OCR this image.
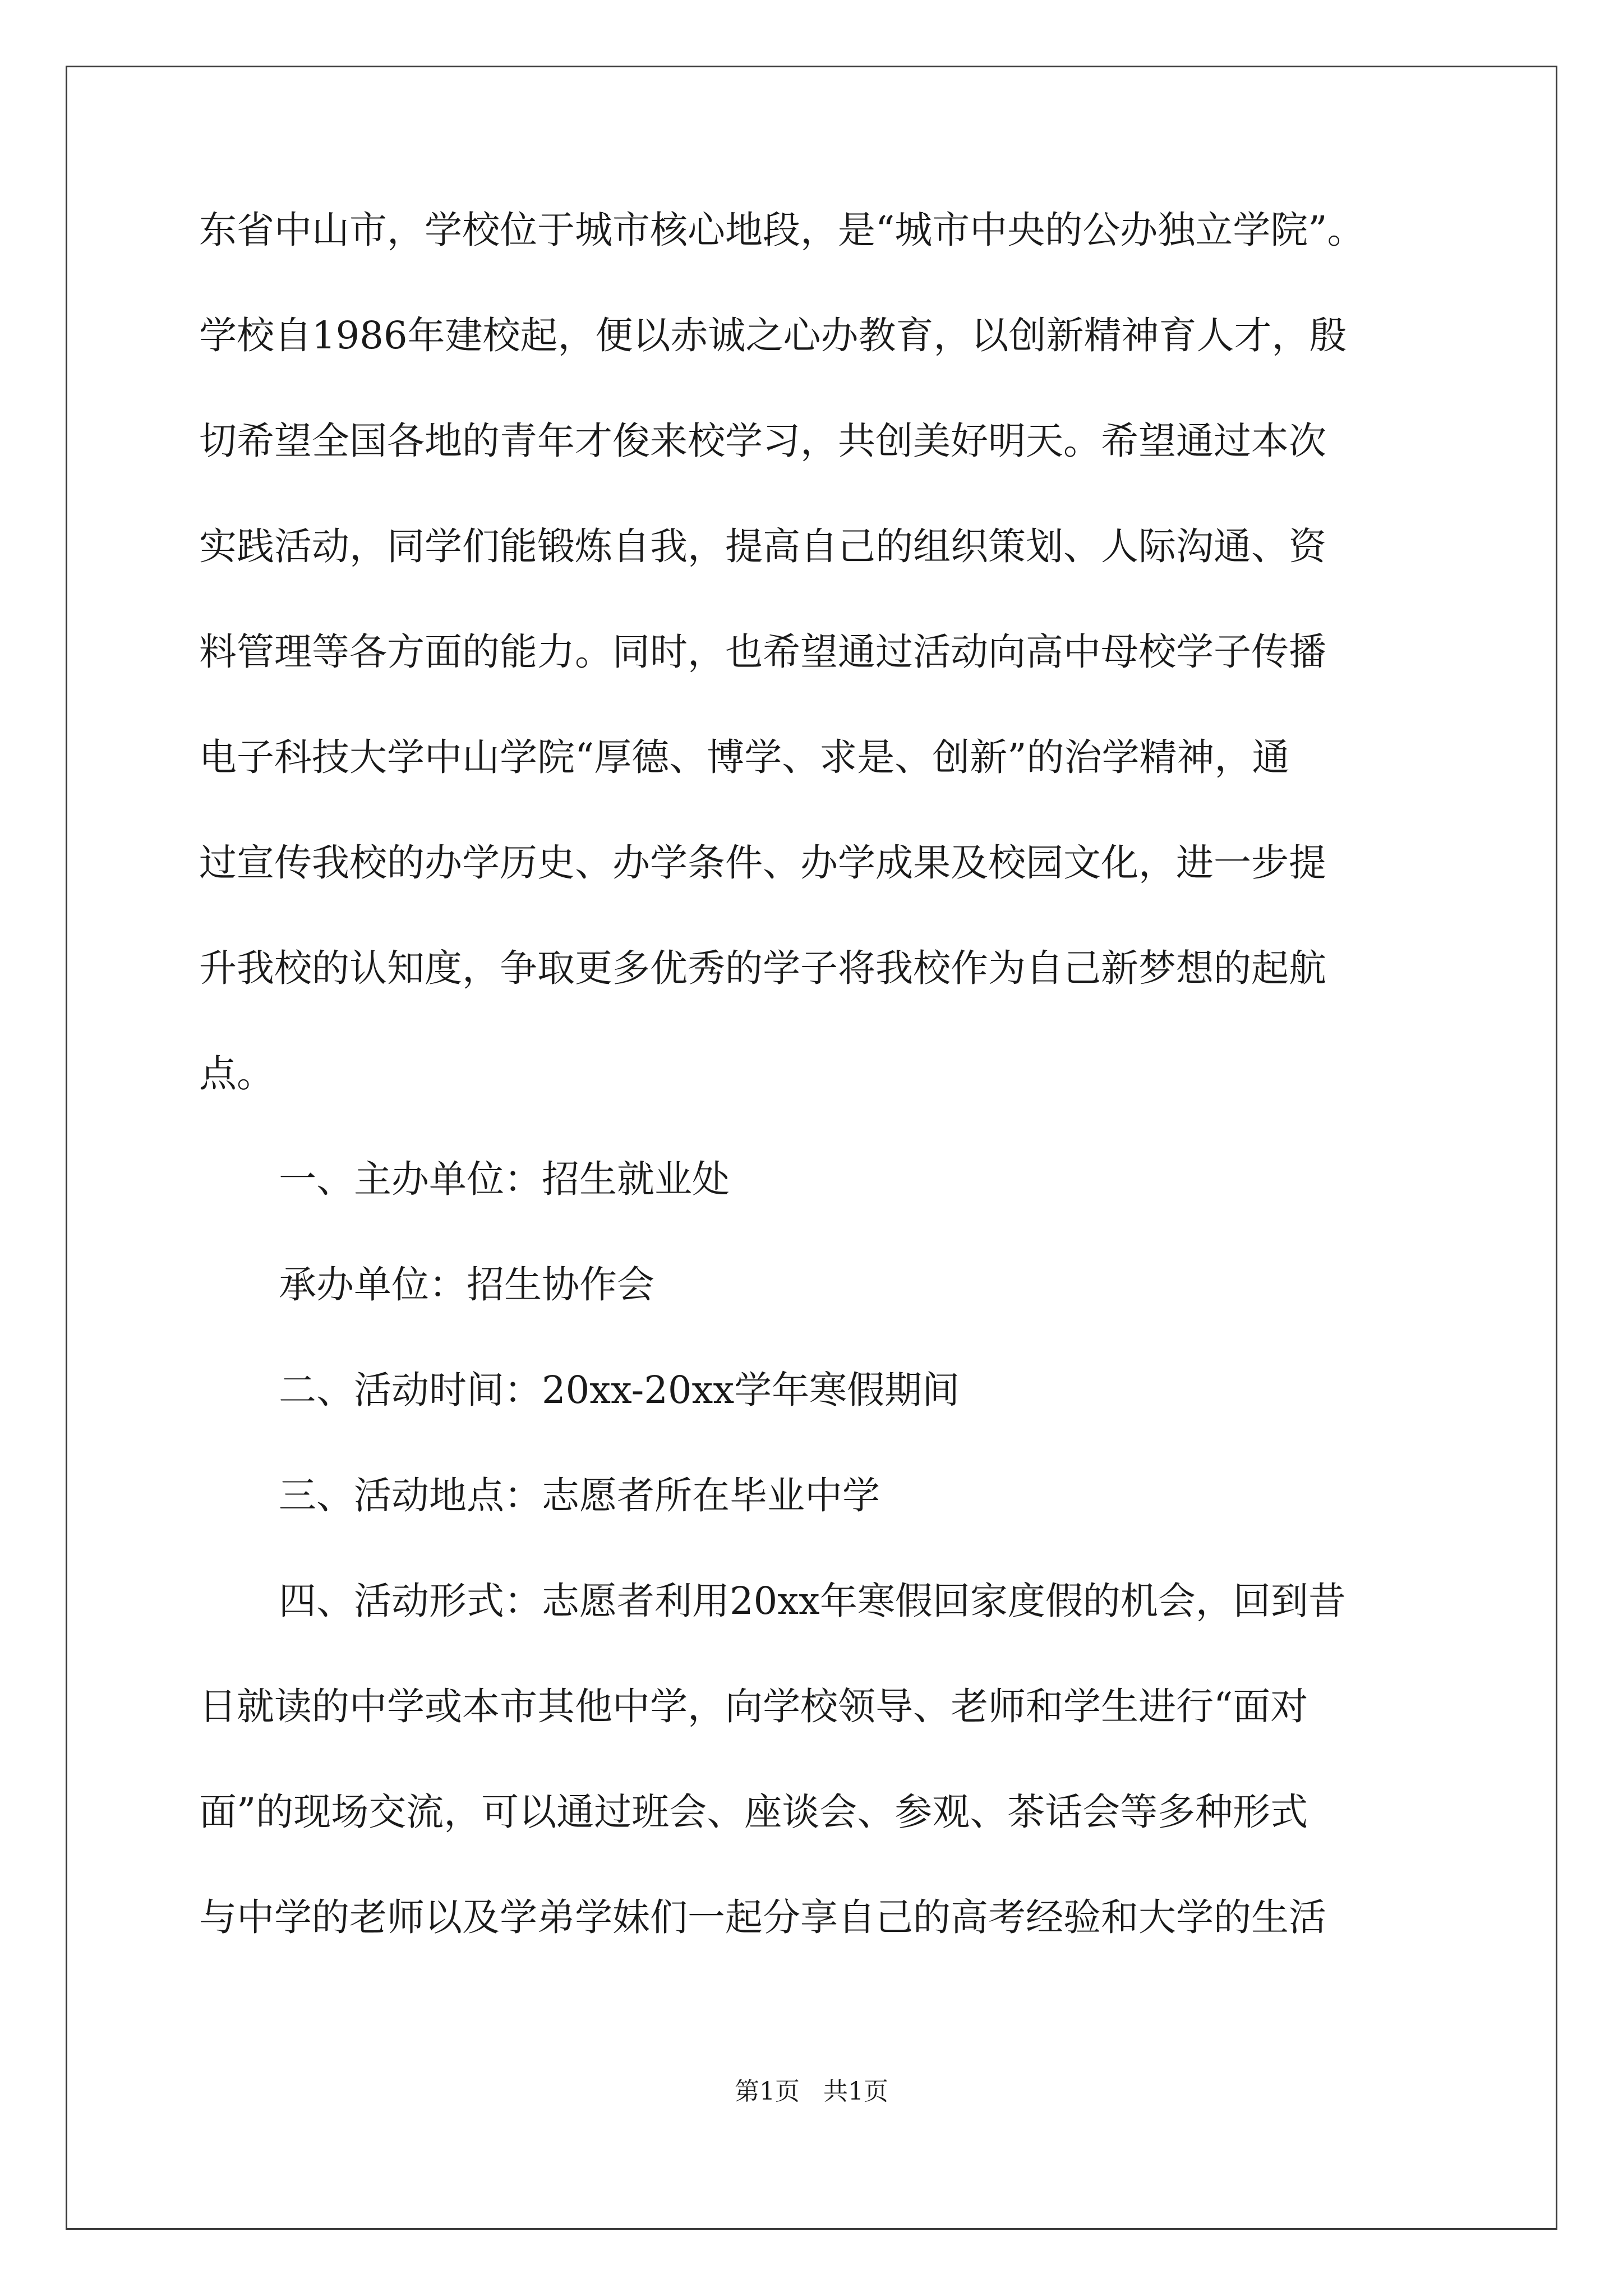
东省中山市，学校位于城市核心地段，是“城市中央的公办独立学院”。
学校自1986年建校起，便以赤诚之心办教育，以创新精神育人才，殷
切希望全国各地的青年才俊来校学习，共创美好明天。希望通过本次
实践活动，同学们能锻炼自我，提高自己的组织策划、人际沟通、资
料管理等各方面的能力。同时，也希望通过活动向高中母校学子传播
电子科技大学中山学院“厚德、博学、求是、创新”的治学精神，通
过宣传我校的办学历史、办学条件、办学成果及校园文化，进一步提
升我校的认知度，争取更多优秀的学子将我校作为自己新梦想的起航
点。
一、主办单位：招生就业处
承办单位：招生协作会
二、活动时间：20xx-20xx学年寒假期间
三、活动地点：志愿者所在毕业中学
四、活动形式：志愿者利用20xx年寒假回家度假的机会，回到昔
日就读的中学或本市其他中学，向学校领导、老师和学生进行“面对
面”的现场交流，可以通过班会、座谈会、参观、茶话会等多种形式
与中学的老师以及学弟学妹们一起分享自己的高考经验和大学的生活
第1页   共1页
